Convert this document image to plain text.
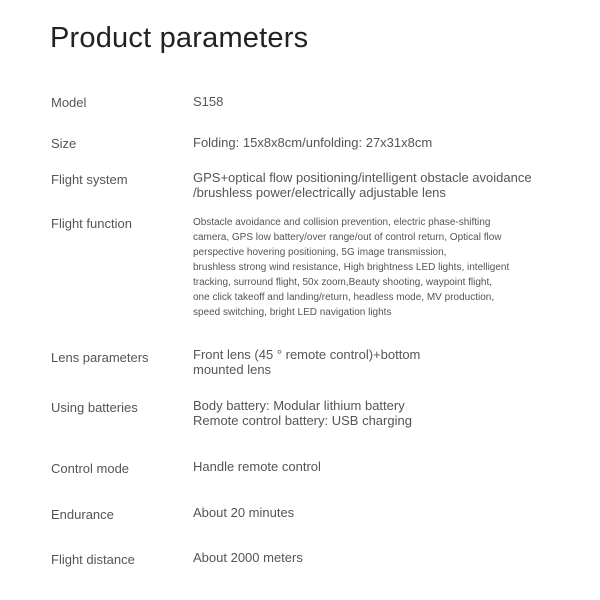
Product parameters
Model	S158
Size	Folding: 15x8x8cm/unfolding: 27x31x8cm
Flight system	GPS+optical flow positioning/intelligent obstacle avoidance
/brushless power/electrically adjustable lens
Flight function	Obstacle avoidance and collision prevention, electric phase-shifting
camera, GPS low battery/over range/out of control return, Optical flow
perspective hovering positioning, 5G image transmission,
brushless strong wind resistance, High brightness LED lights, intelligent
tracking, surround flight, 50x zoom,Beauty shooting, waypoint flight,
one click takeoff and landing/return, headless mode, MV production,
speed switching, bright LED navigation lights
Lens parameters	Front lens (45 ° remote control)+bottom
mounted lens
Using batteries	Body battery: Modular lithium battery
Remote control battery: USB charging
Control mode	Handle remote control
Endurance	About 20 minutes
Flight distance	About 2000 meters
